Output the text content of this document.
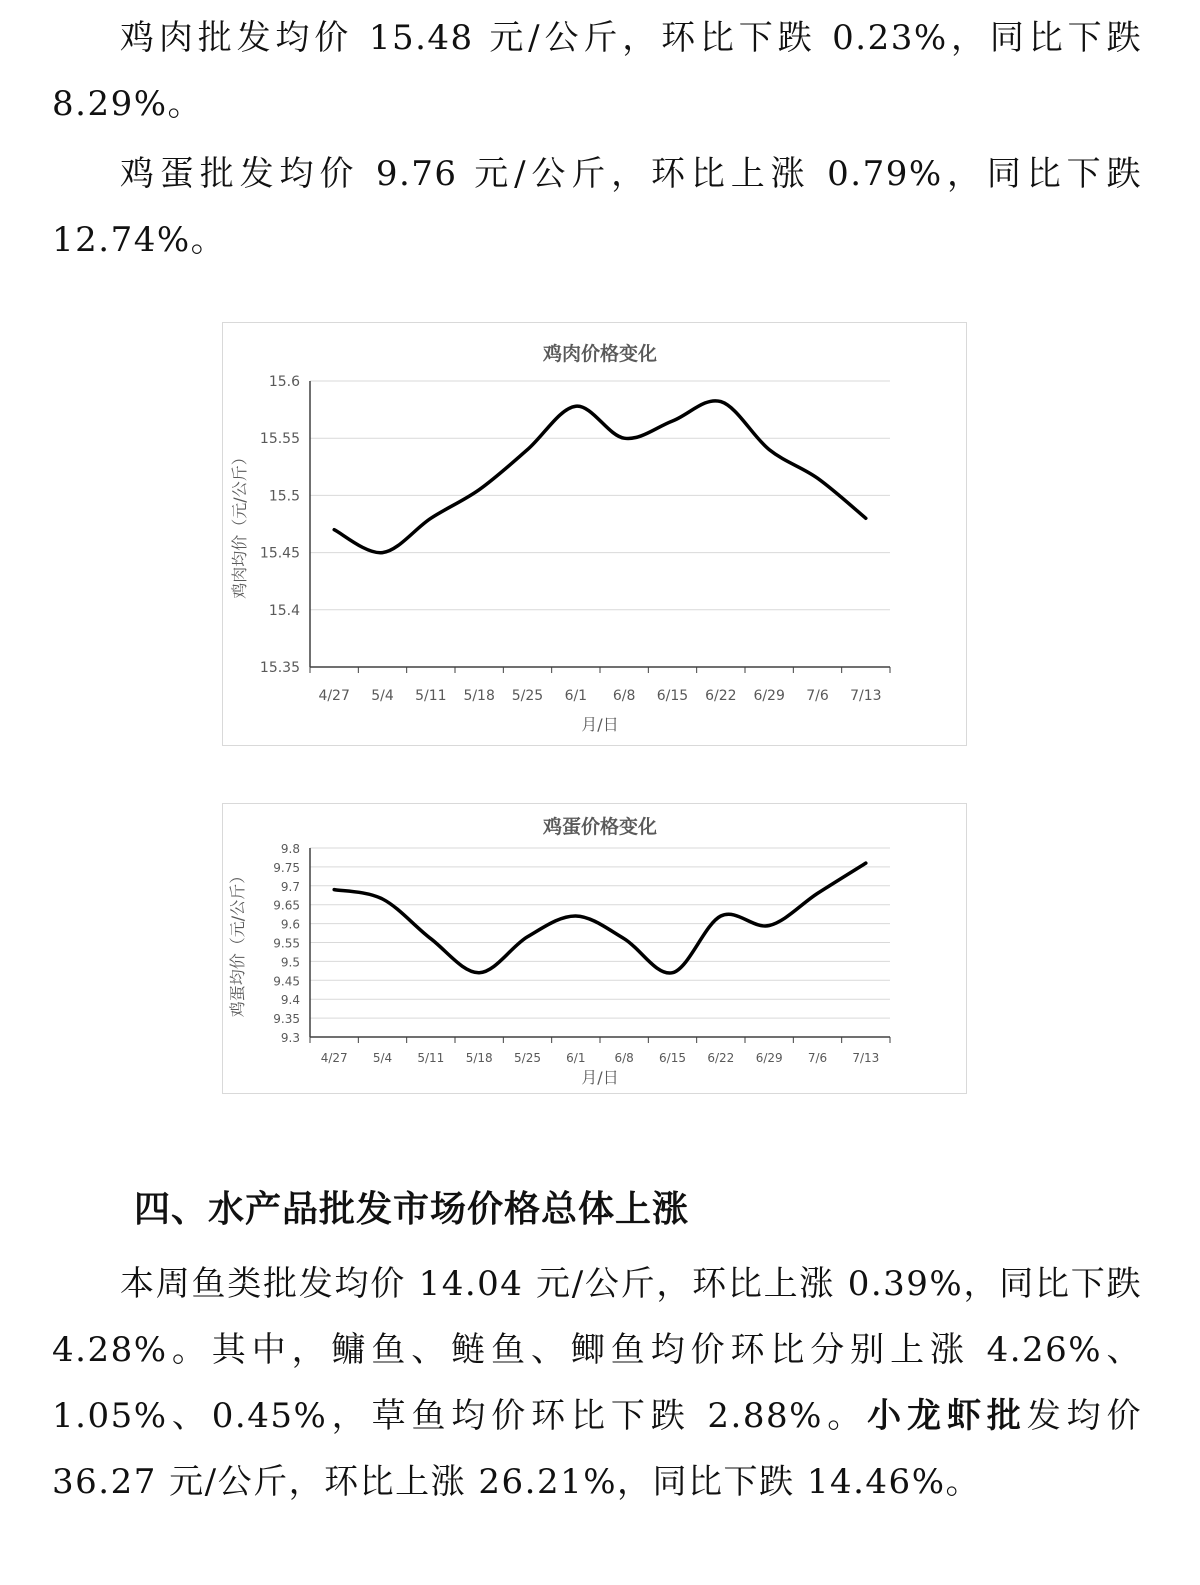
鸡肉批发均价 15.48 元/公斤，环比下跌 0.23%，同比下跌 8.29%。

鸡蛋批发均价 9.76 元/公斤，环比上涨 0.79%，同比下跌 12.74%。

鸡肉价格变化
15.35
15.4
15.45
15.5
15.55
15.6
4/27 5/4 5/11 5/18 5/25 6/1 6/8 6/15 6/22 6/29 7/6 7/13
月/日
鸡肉均价（元/公斤）
鸡蛋价格变化
9.3
9.35
9.4
9.45
9.5
9.55
9.6
9.65
9.7
9.75
9.8
4/27 5/4 5/11 5/18 5/25 6/1 6/8 6/15 6/22 6/29 7/6 7/13
月/日
鸡蛋均价（元/公斤）
四、水产品批发市场价格总体上涨

本周鱼类批发均价 14.04 元/公斤，环比上涨 0.39%，同比下跌 4.28%。其中，鳙鱼、鲢鱼、鲫鱼均价环比分别上涨 4.26%、1.05%、0.45%，草鱼均价环比下跌 2.88%。小龙虾批发均价 36.27 元/公斤，环比上涨 26.21%，同比下跌 14.46%。
